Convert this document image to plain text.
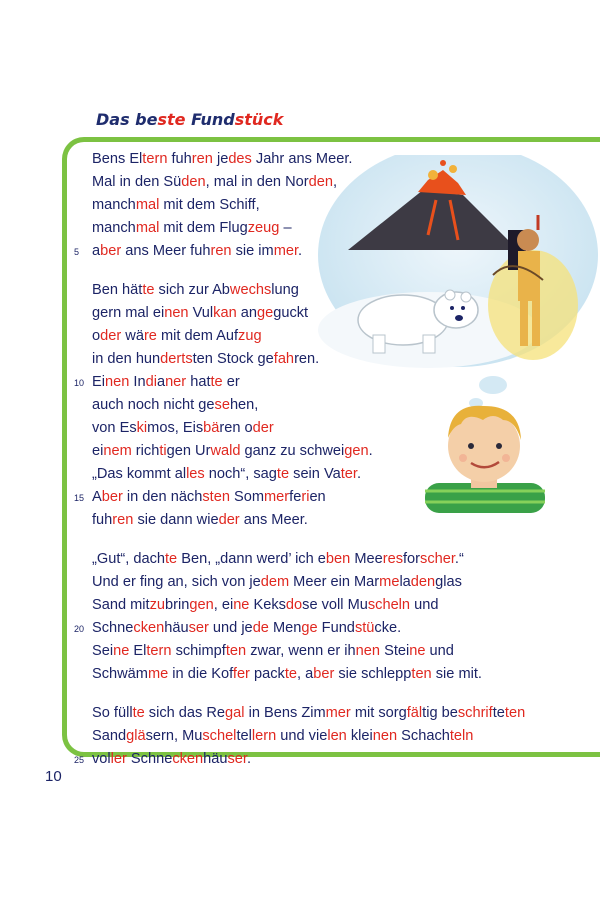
Das beste Fundstück
Bens Eltern fuhren jedes Jahr ans Meer.
Mal in den Süden, mal in den Norden,
manchmal mit dem Schiff,
manchmal mit dem Flugzeug –
aber ans Meer fuhren sie immer.
Ben hätte sich zur Abwechslung
gern mal einen Vulkan angeguckt
oder wäre mit dem Aufzug
in den hundertsten Stock gefahren.
Einen Indianer hatte er
auch noch nicht gesehen,
von Eskimos, Eisbären oder
einem richtigen Urwald ganz zu schweigen.
„Das kommt alles noch“, sagte sein Vater.
Aber in den nächsten Sommerferien
fuhren sie dann wieder ans Meer.
„Gut“, dachte Ben, „dann werd’ ich eben Meeresforscher.“
Und er fing an, sich von jedem Meer ein Marmeladenglas
Sand mitzubringen, eine Keksdose voll Muscheln und
Schneckenhäuser und jede Menge Fundstücke.
Seine Eltern schimpften zwar, wenn er ihnen Steine und
Schwämme in die Koffer packte, aber sie schleppten sie mit.
So füllte sich das Regal in Bens Zimmer mit sorgfältig beschrifteten
Sandgläsern, Muscheltellern und vielen kleinen Schachteln
voller Schneckenhäuser.
5
10
15
20
25
10
